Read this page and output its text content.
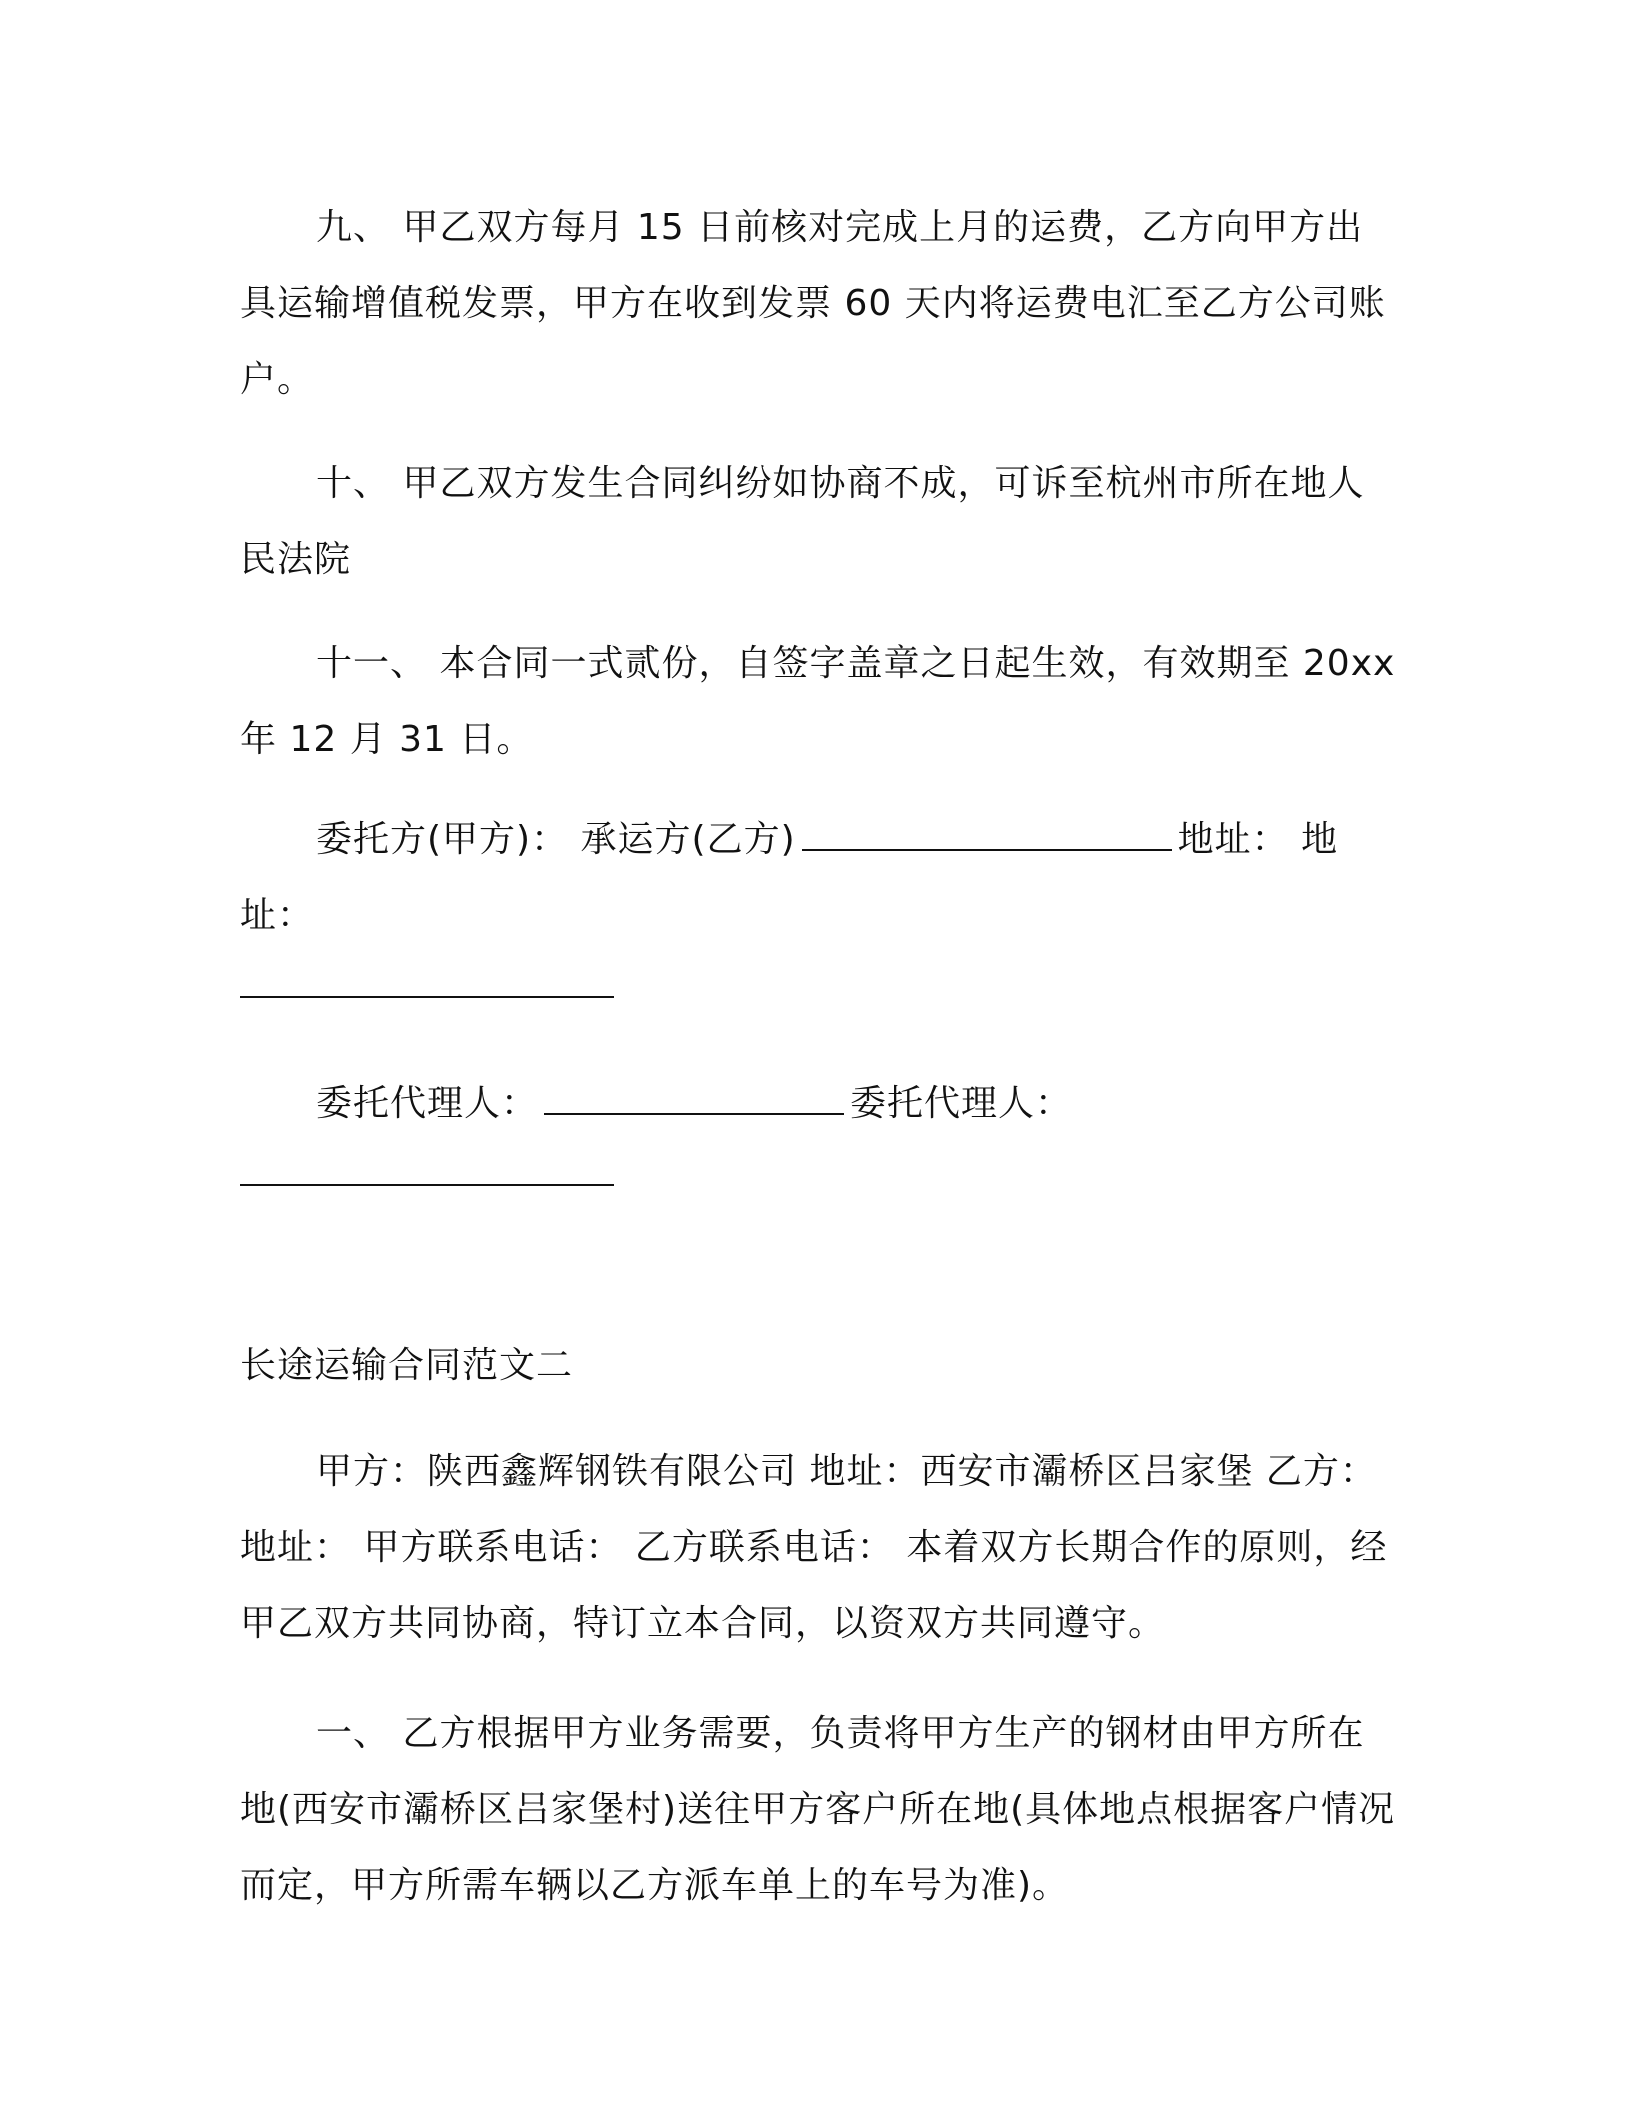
九、 甲乙双方每月 15 日前核对完成上月的运费，乙方向甲方出具运输增值税发票，甲方在收到发票 60 天内将运费电汇至乙方公司账户。

十、 甲乙双方发生合同纠纷如协商不成，可诉至杭州市所在地人民法院

十一、 本合同一式贰份，自签字盖章之日起生效，有效期至 20xx 年 12 月 31 日。

委托方(甲方)： 承运方(乙方)	地址： 地址：

委托代理人：	委托代理人：

长途运输合同范文二

甲方：陕西鑫辉钢铁有限公司 地址：西安市灞桥区吕家堡 乙方：地址： 甲方联系电话： 乙方联系电话： 本着双方长期合作的原则，经甲乙双方共同协商，特订立本合同，以资双方共同遵守。

一、 乙方根据甲方业务需要，负责将甲方生产的钢材由甲方所在地(西安市灞桥区吕家堡村)送往甲方客户所在地(具体地点根据客户情况而定，甲方所需车辆以乙方派车单上的车号为准)。
